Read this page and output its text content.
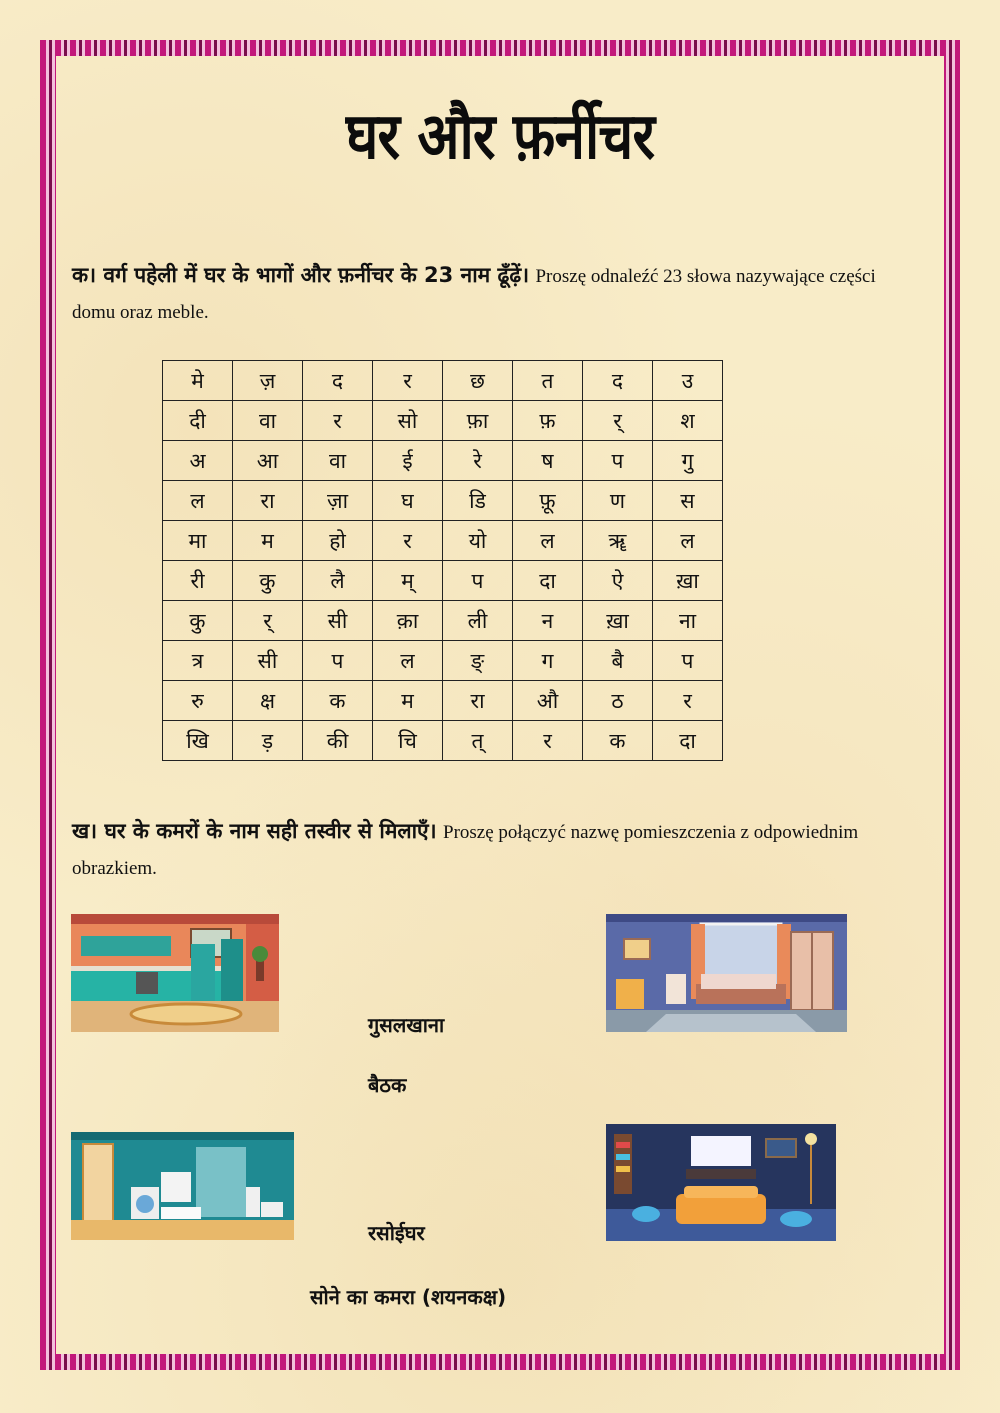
घर और फ़र्नीचर
क। वर्ग पहेली में घर के भागों और फ़र्नीचर के 23 नाम ढूँढ़ें। Proszę odnaleźć 23 słowa nazywające części domu oraz meble.
मे	ज़	द	र	छ	त	द	उ
दी	वा	र	सो	फ़ा	फ़	र्	श
अ	आ	वा	ई	रे	ष	प	गु
ल	रा	ज़ा	घ	डि	फ़ू	ण	स
मा	म	हो	र	यो	ल	ॠ	ल
री	कु	लै	म्	प	दा	ऐ	ख़ा
कु	र्	सी	क़ा	ली	न	ख़ा	ना
त्र	सी	प	ल	ङ्	ग	बै	प
रु	क्ष	क	म	रा	औ	ठ	र
खि	ड़	की	चि	त्	र	क	दा
ख। घर के कमरों के नाम सही तस्वीर से मिलाएँ। Proszę połączyć nazwę pomieszczenia z odpowiednim obrazkiem.
गुसलखाना
बैठक
रसोईघर
सोने का कमरा (शयनकक्ष)
